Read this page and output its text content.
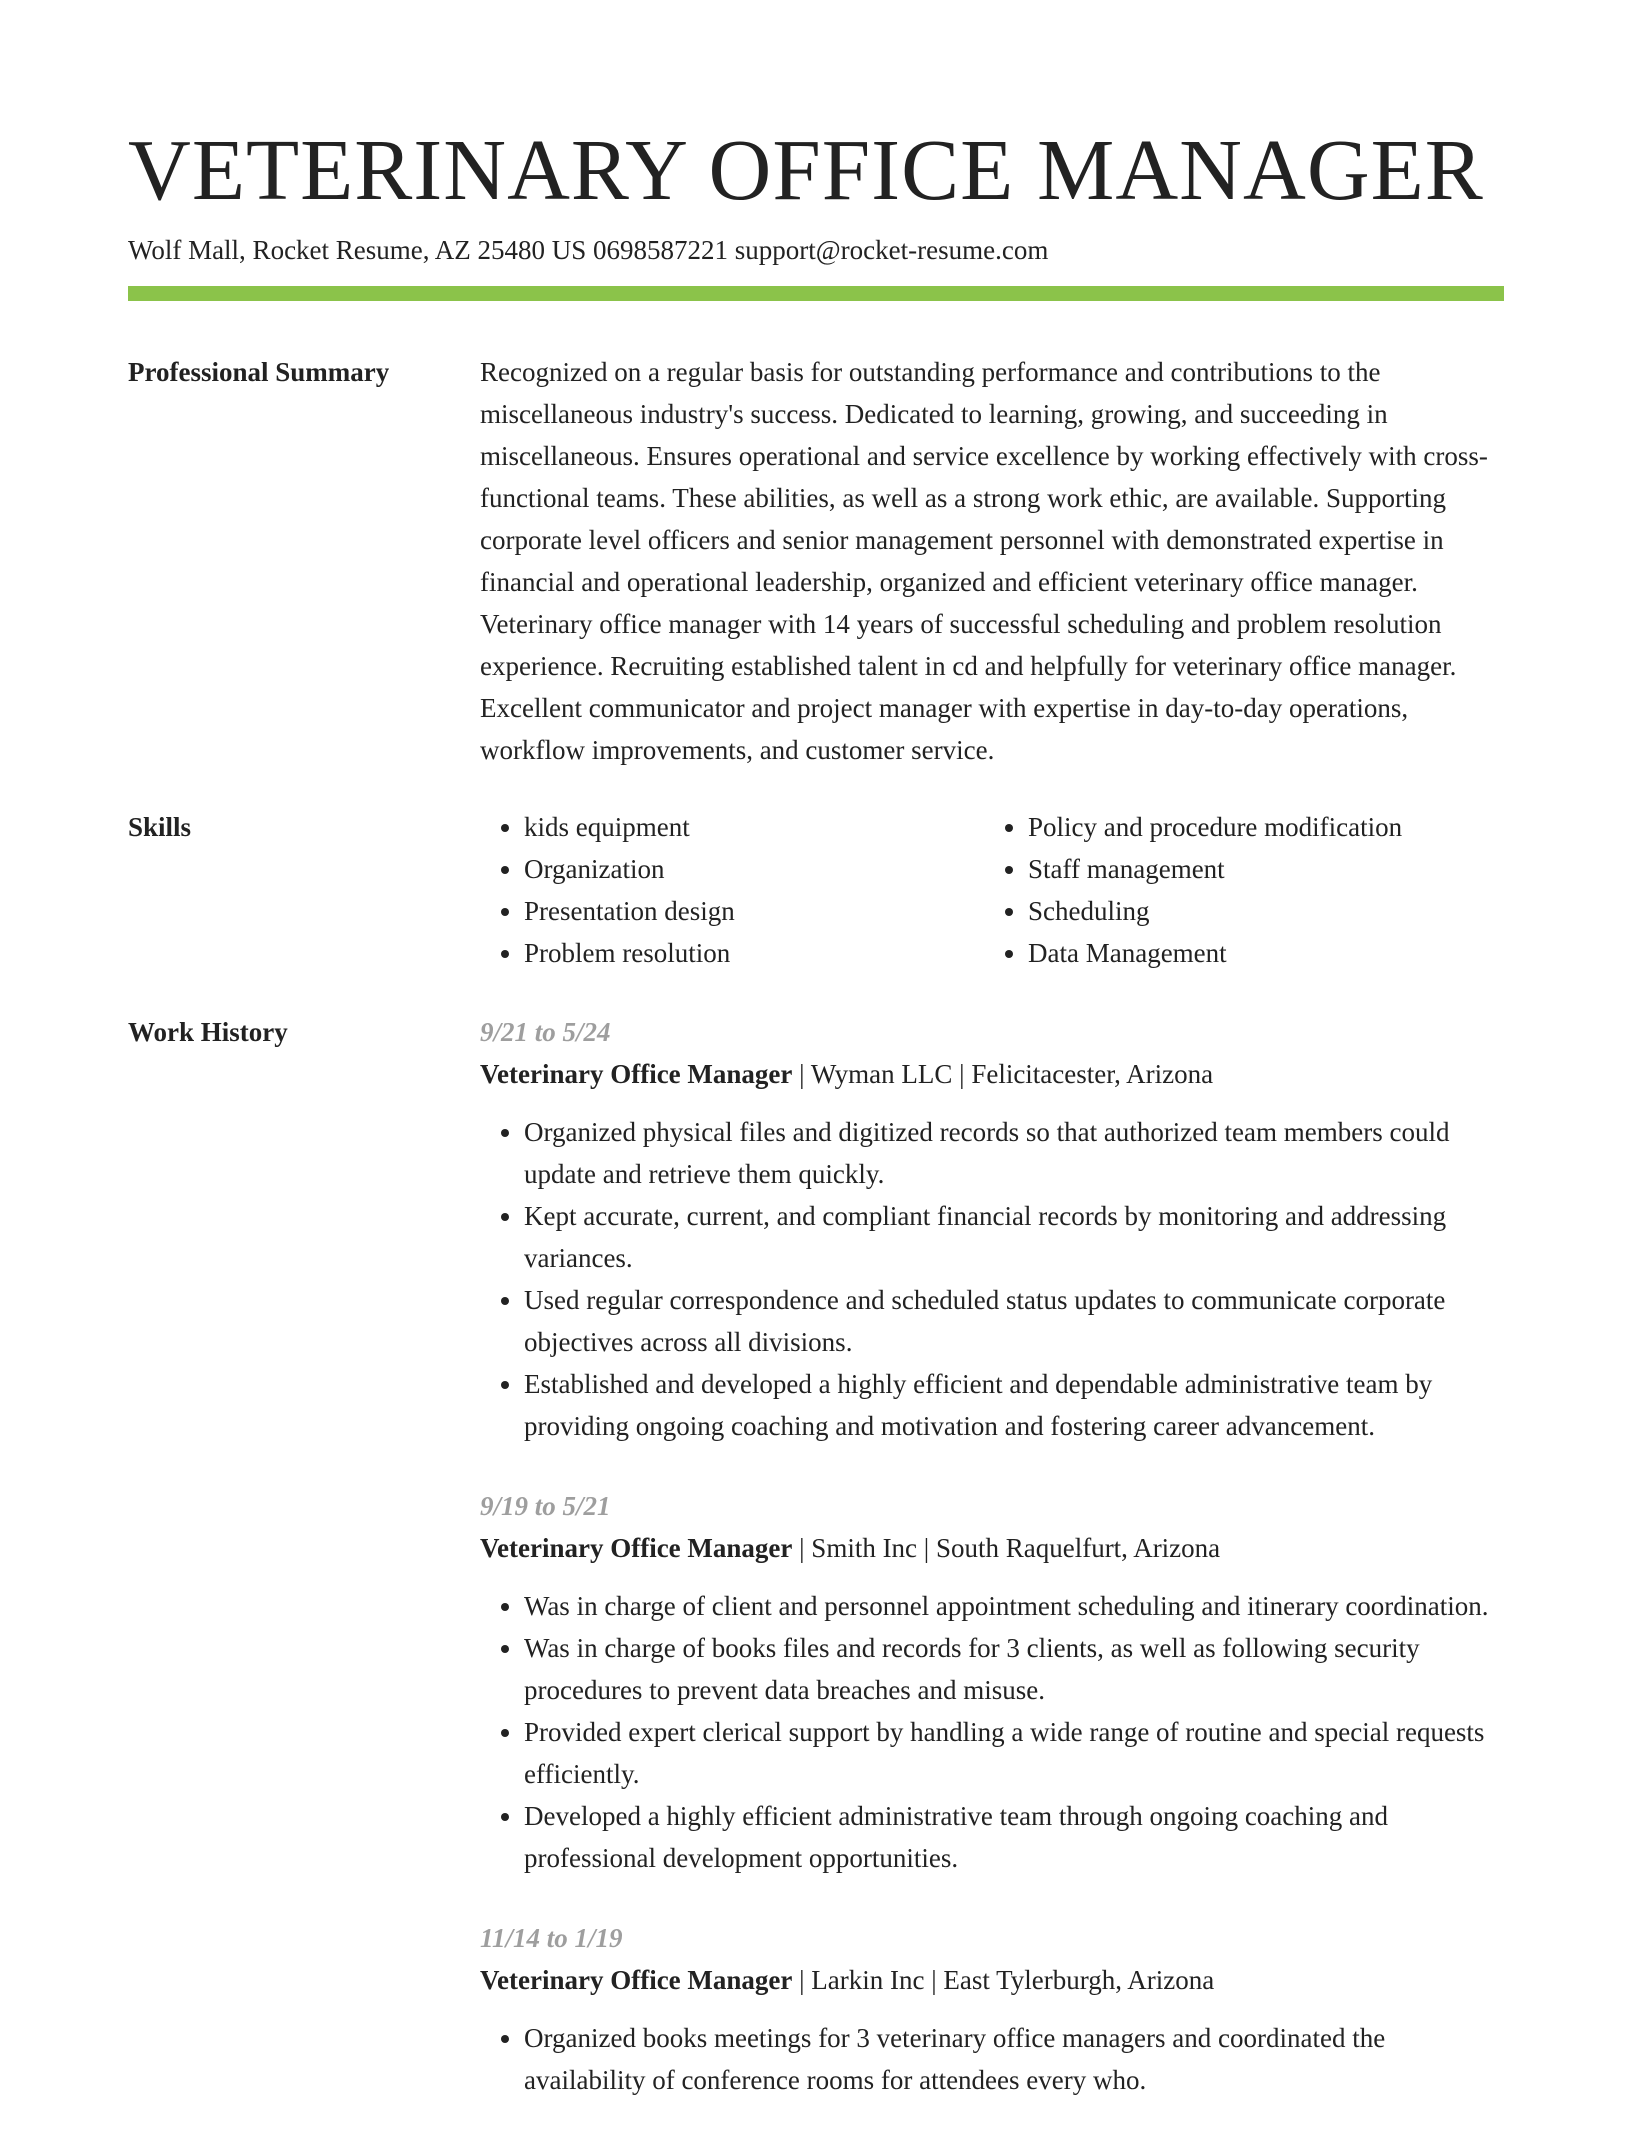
VETERINARY OFFICE MANAGER
Wolf Mall, Rocket Resume, AZ 25480 US 0698587221 support@rocket-resume.com
Professional Summary	Recognized on a regular basis for outstanding performance and contributions to the miscellaneous industry's success. Dedicated to learning, growing, and succeeding in miscellaneous. Ensures operational and service excellence by working effectively with cross-functional teams. These abilities, as well as a strong work ethic, are available. Supporting corporate level officers and senior management personnel with demonstrated expertise in financial and operational leadership, organized and efficient veterinary office manager. Veterinary office manager with 14 years of successful scheduling and problem resolution experience. Recruiting established talent in cd and helpfully for veterinary office manager. Excellent communicator and project manager with expertise in day-to-day operations, workflow improvements, and customer service.

Skills
•	kids equipment
• Organization
• Presentation design
• Problem resolution
• Policy and procedure modification
• Staff management
• Scheduling
• Data Management
Work History	9/21 to 5/24
Veterinary Office Manager | Wyman LLC | Felicitacester, Arizona
• Organized physical files and digitized records so that authorized team members could update and retrieve them quickly.
• Kept accurate, current, and compliant financial records by monitoring and addressing variances.
• Used regular correspondence and scheduled status updates to communicate corporate objectives across all divisions.
• Established and developed a highly efficient and dependable administrative team by providing ongoing coaching and motivation and fostering career advancement.
9/19 to 5/21
Veterinary Office Manager | Smith Inc | South Raquelfurt, Arizona
• Was in charge of client and personnel appointment scheduling and itinerary coordination.
• Was in charge of books files and records for 3 clients, as well as following security procedures to prevent data breaches and misuse.
• Provided expert clerical support by handling a wide range of routine and special requests efficiently.
• Developed a highly efficient administrative team through ongoing coaching and professional development opportunities.
11/14 to 1/19
Veterinary Office Manager | Larkin Inc | East Tylerburgh, Arizona
• Organized books meetings for 3 veterinary office managers and coordinated the availability of conference rooms for attendees every who.
